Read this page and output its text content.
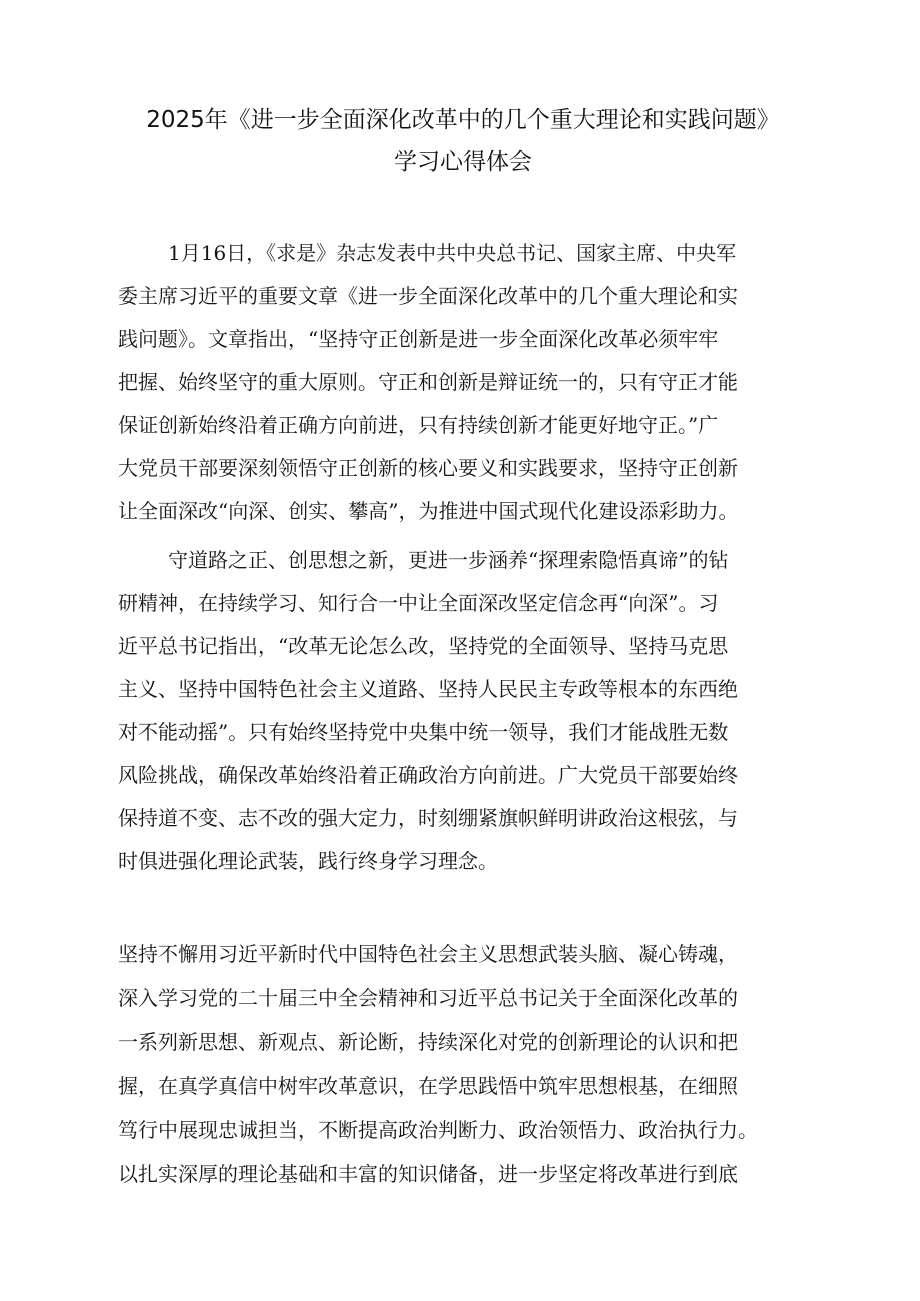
2025年《进一步全面深化改革中的几个重大理论和实践问题》
学习心得体会
1月16日，《求是》杂志发表中共中央总书记、国家主席、中央军
委主席习近平的重要文章《进一步全面深化改革中的几个重大理论和实
践问题》。文章指出，“坚持守正创新是进一步全面深化改革必须牢牢
把握、始终坚守的重大原则。守正和创新是辩证统一的，只有守正才能
保证创新始终沿着正确方向前进，只有持续创新才能更好地守正。”广
大党员干部要深刻领悟守正创新的核心要义和实践要求，坚持守正创新
让全面深改“向深、创实、攀高”，为推进中国式现代化建设添彩助力。
守道路之正、创思想之新，更进一步涵养“探理索隐悟真谛”的钻
研精神，在持续学习、知行合一中让全面深改坚定信念再“向深”。习
近平总书记指出，“改革无论怎么改，坚持党的全面领导、坚持马克思
主义、坚持中国特色社会主义道路、坚持人民民主专政等根本的东西绝
对不能动摇”。只有始终坚持党中央集中统一领导，我们才能战胜无数
风险挑战，确保改革始终沿着正确政治方向前进。广大党员干部要始终
保持道不变、志不改的强大定力，时刻绷紧旗帜鲜明讲政治这根弦，与
时俱进强化理论武装，践行终身学习理念。
坚持不懈用习近平新时代中国特色社会主义思想武装头脑、凝心铸魂，
深入学习党的二十届三中全会精神和习近平总书记关于全面深化改革的
一系列新思想、新观点、新论断，持续深化对党的创新理论的认识和把
握，在真学真信中树牢改革意识，在学思践悟中筑牢思想根基，在细照
笃行中展现忠诚担当，不断提高政治判断力、政治领悟力、政治执行力。
以扎实深厚的理论基础和丰富的知识储备，进一步坚定将改革进行到底
